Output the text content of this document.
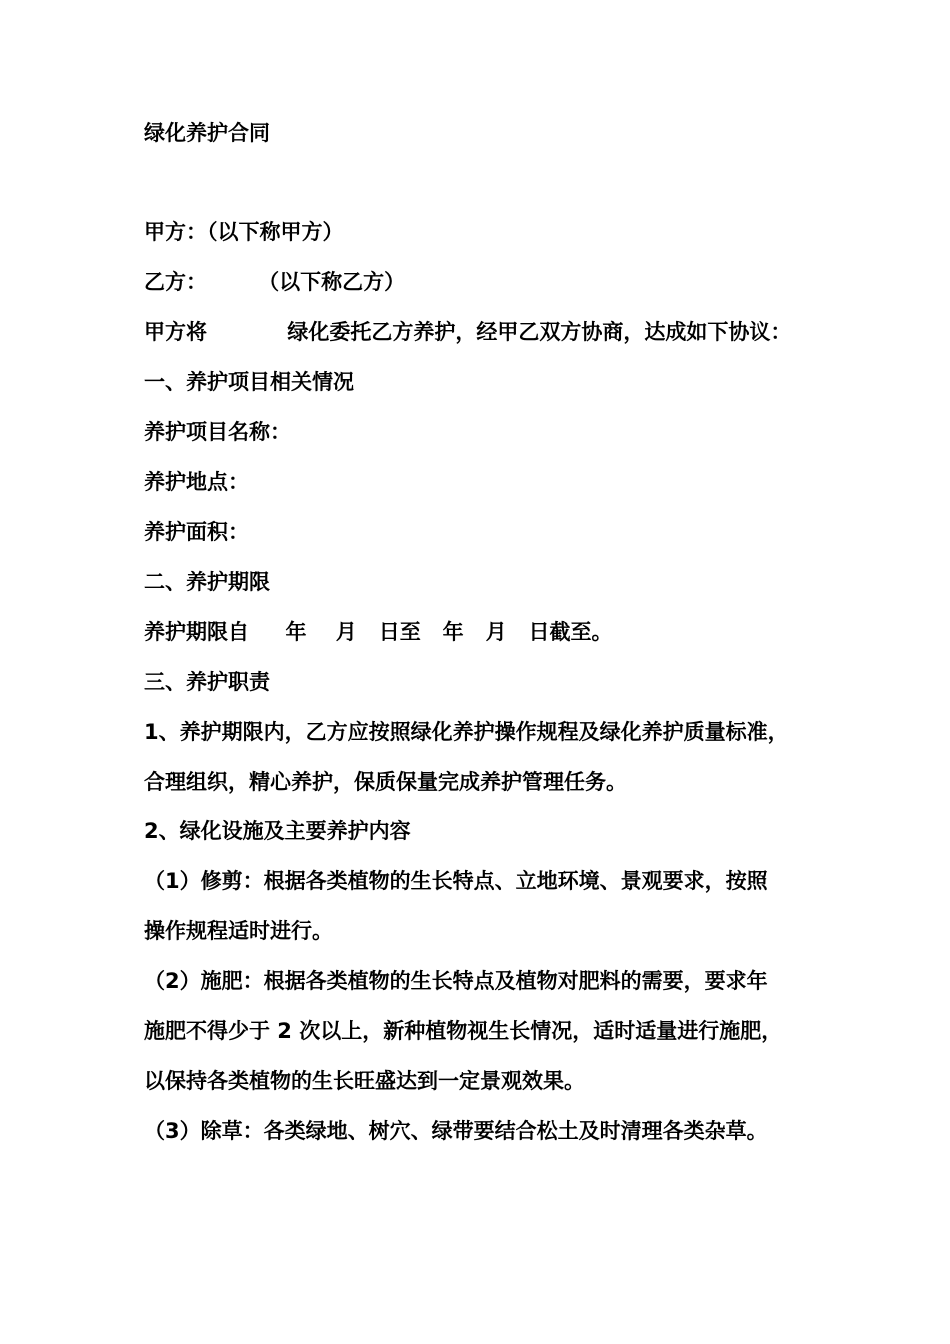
绿化养护合同
甲方：（以下称甲方）
乙方：       （以下称乙方）
甲方将           绿化委托乙方养护，经甲乙双方协商，达成如下协议：
一、养护项目相关情况
养护项目名称：
养护地点：
养护面积：
二、养护期限
养护期限自     年    月   日至   年   月   日截至。
三、养护职责
1、养护期限内，乙方应按照绿化养护操作规程及绿化养护质量标准，
合理组织，精心养护，保质保量完成养护管理任务。
2、绿化设施及主要养护内容
（1）修剪：根据各类植物的生长特点、立地环境、景观要求，按照
操作规程适时进行。
（2）施肥：根据各类植物的生长特点及植物对肥料的需要，要求年
施肥不得少于 2 次以上，新种植物视生长情况，适时适量进行施肥，
以保持各类植物的生长旺盛达到一定景观效果。
（3）除草：各类绿地、树穴、绿带要结合松土及时清理各类杂草。
